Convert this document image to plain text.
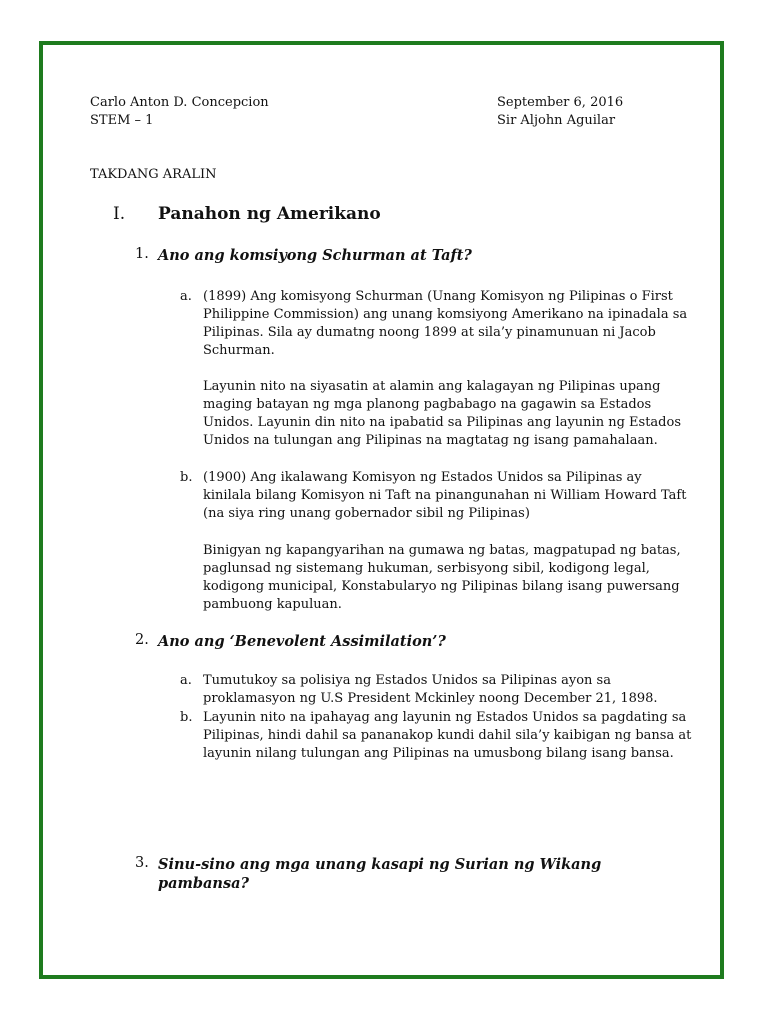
Carlo Anton D. Concepcion
STEM – 1
September 6, 2016
Sir Aljohn Aguilar
TAKDANG ARALIN
I. Panahon ng Amerikano
1. Ano ang komsiyong Schurman at Taft?
a. (1899) Ang komisyong Schurman (Unang Komisyon ng Pilipinas o First
Philippine Commission) ang unang komsiyong Amerikano na ipinadala sa
Pilipinas. Sila ay dumatng noong 1899 at sila’y pinamunuan ni Jacob
Schurman.
Layunin nito na siyasatin at alamin ang kalagayan ng Pilipinas upang
maging batayan ng mga planong pagbabago na gagawin sa Estados
Unidos. Layunin din nito na ipabatid sa Pilipinas ang layunin ng Estados
Unidos na tulungan ang Pilipinas na magtatag ng isang pamahalaan.
b. (1900) Ang ikalawang Komisyon ng Estados Unidos sa Pilipinas ay
kinilala bilang Komisyon ni Taft na pinangunahan ni William Howard Taft
(na siya ring unang gobernador sibil ng Pilipinas)
Binigyan ng kapangyarihan na gumawa ng batas, magpatupad ng batas,
paglunsad ng sistemang hukuman, serbisyong sibil, kodigong legal,
kodigong municipal, Konstabularyo ng Pilipinas bilang isang puwersang
pambuong kapuluan.
2. Ano ang ‘Benevolent Assimilation’?
a. Tumutukoy sa polisiya ng Estados Unidos sa Pilipinas ayon sa
proklamasyon ng U.S President Mckinley noong December 21, 1898.
b. Layunin nito na ipahayag ang layunin ng Estados Unidos sa pagdating sa
Pilipinas, hindi dahil sa pananakop kundi dahil sila’y kaibigan ng bansa at
layunin nilang tulungan ang Pilipinas na umusbong bilang isang bansa.
3. Sinu-sino ang mga unang kasapi ng Surian ng Wikang
pambansa?
